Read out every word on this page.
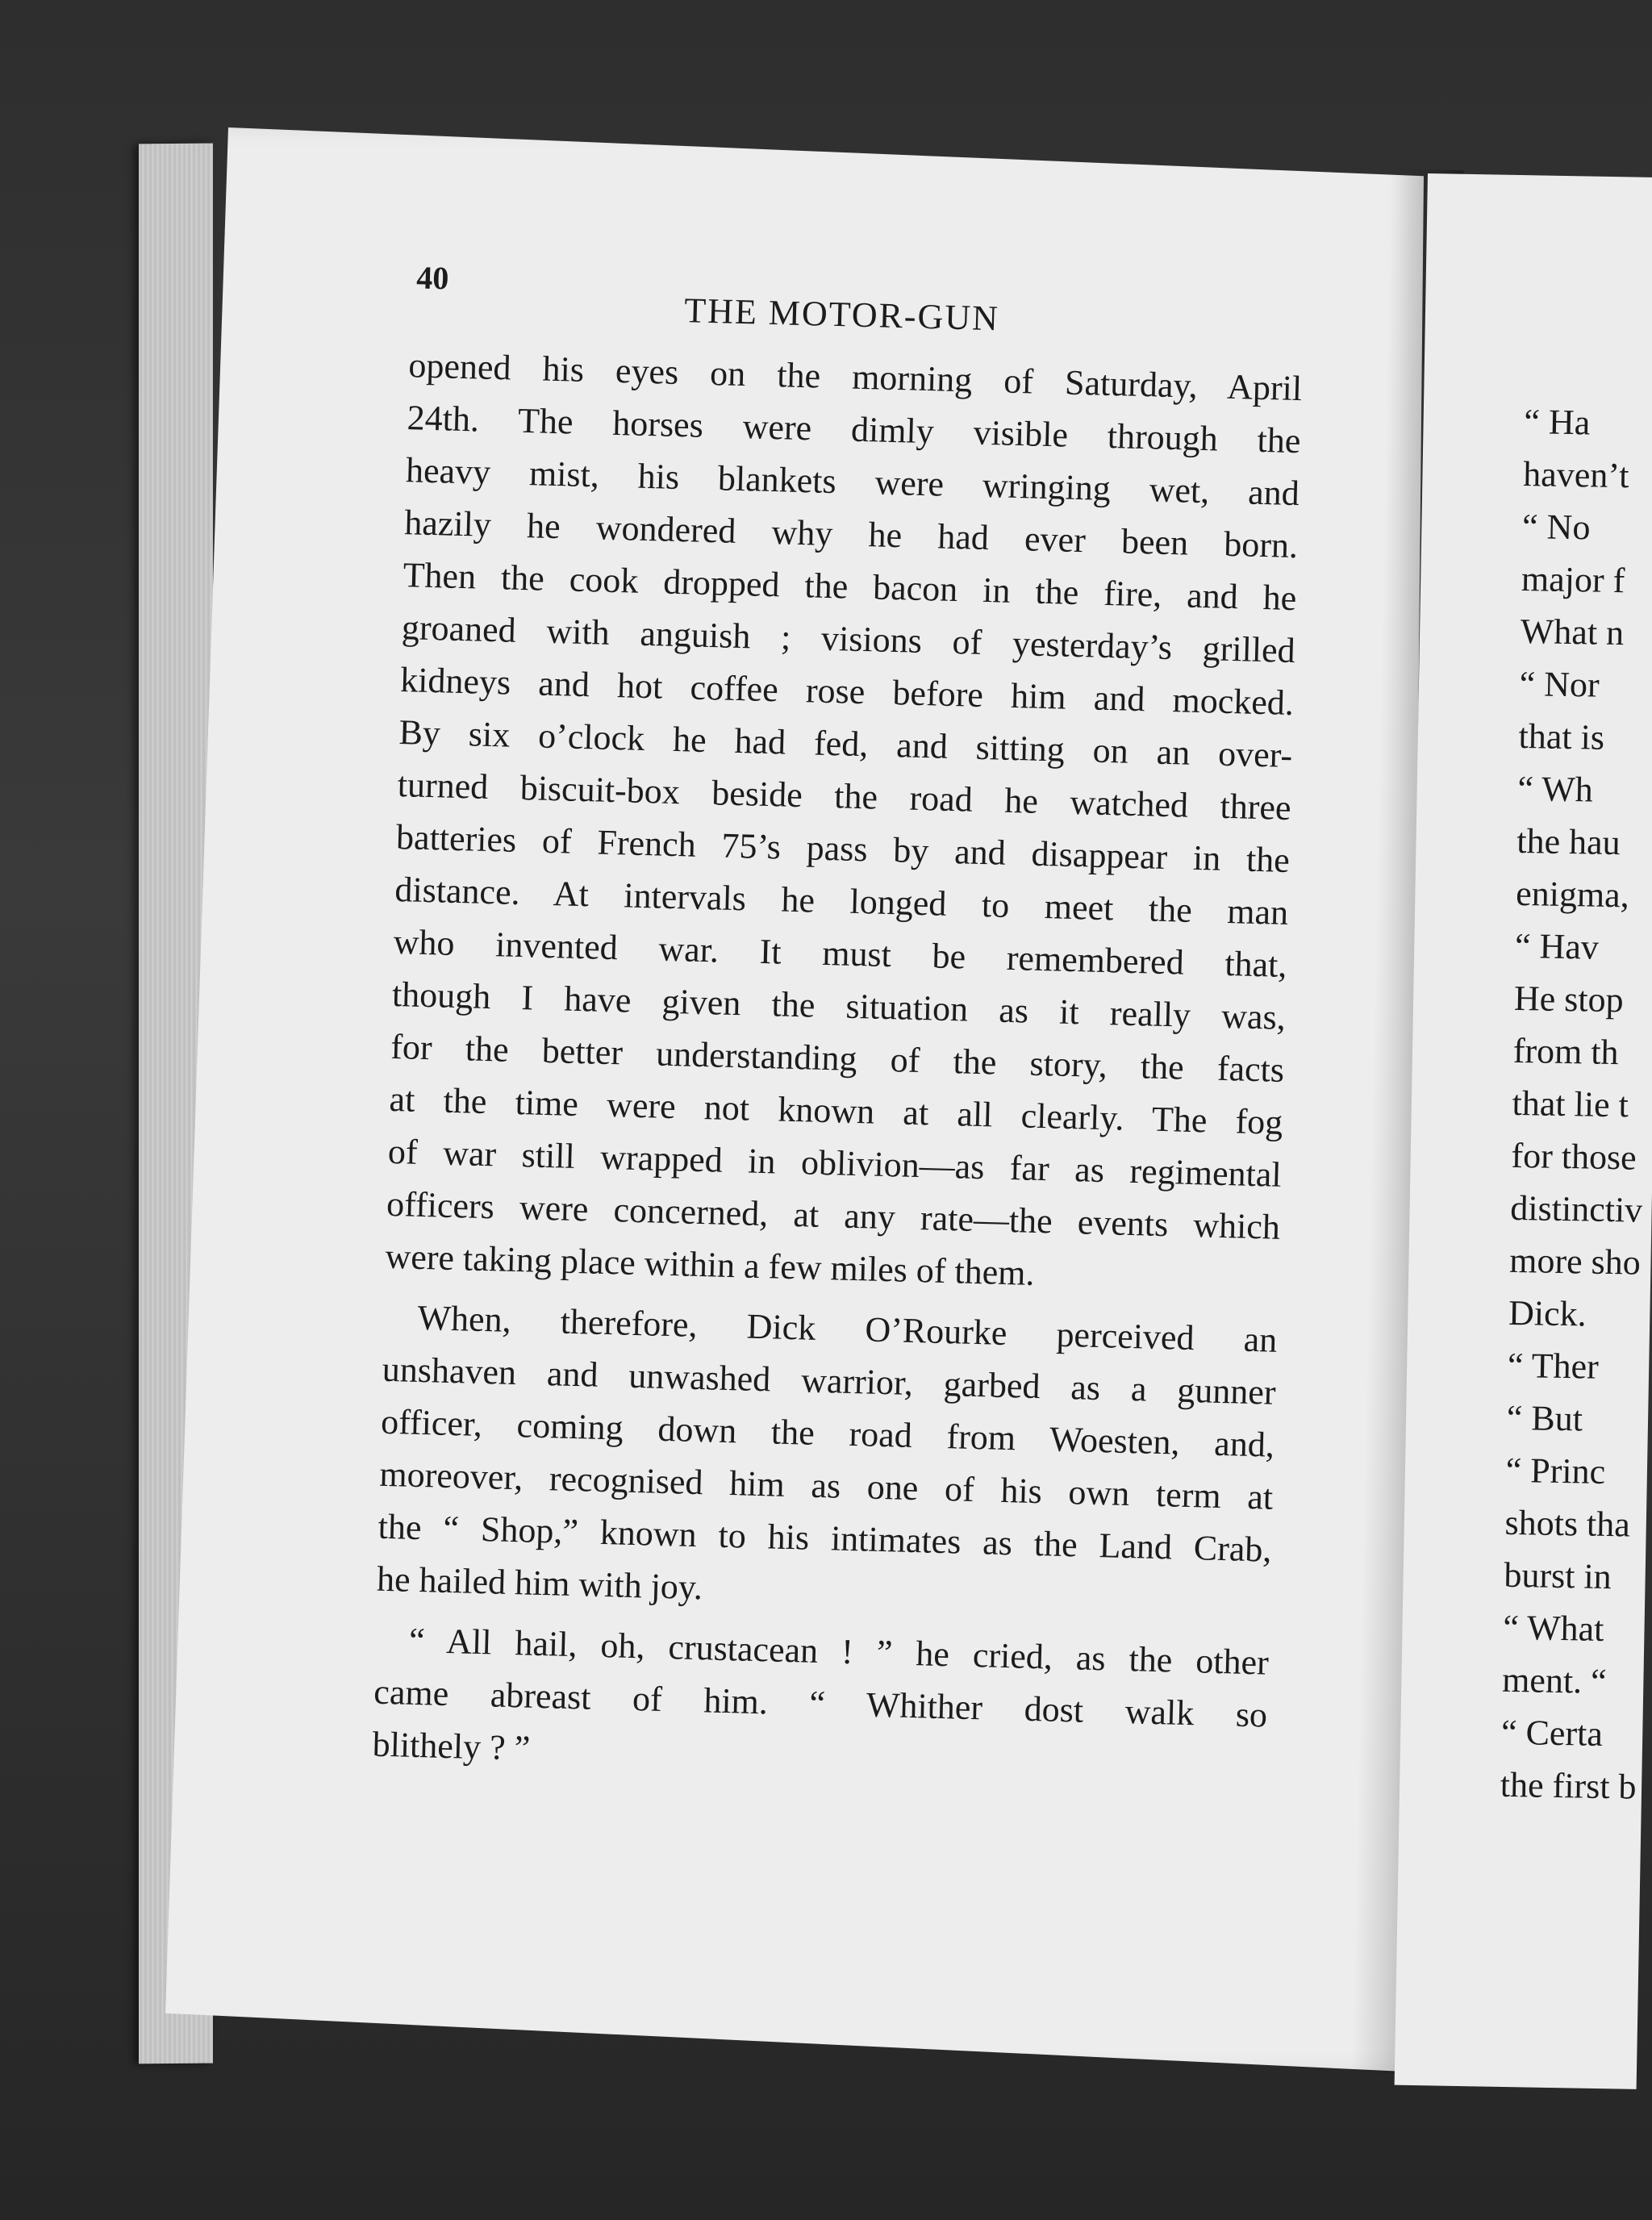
40
THE MOTOR-GUN
opened his eyes on the morning of Saturday, April
24th. The horses were dimly visible through the
heavy mist, his blankets were wringing wet, and
hazily he wondered why he had ever been born.
Then the cook dropped the bacon in the fire, and he
groaned with anguish ; visions of yesterday’s grilled
kidneys and hot coffee rose before him and mocked.
By six o’clock he had fed, and sitting on an over-
turned biscuit-box beside the road he watched three
batteries of French 75’s pass by and disappear in the
distance. At intervals he longed to meet the man
who invented war. It must be remembered that,
though I have given the situation as it really was,
for the better understanding of the story, the facts
at the time were not known at all clearly. The fog
of war still wrapped in oblivion—as far as regimental
officers were concerned, at any rate—the events which
were taking place within a few miles of them.
When, therefore, Dick O’Rourke perceived an
unshaven and unwashed warrior, garbed as a gunner
officer, coming down the road from Woesten, and,
moreover, recognised him as one of his own term at
the “ Shop,” known to his intimates as the Land Crab,
he hailed him with joy.
“ All hail, oh, crustacean ! ” he cried, as the other
came abreast of him. “ Whither dost walk so
blithely ? ”
“ Ha
haven’t
“ No
major f
What n
“ Nor
that is
“ Wh
the hau
enigma,
“ Hav
He stop
from th
that lie t
for those
distinctiv
more sho
Dick.
“ Ther
“ But
“ Princ
shots tha
burst in
“ What
ment. “
“ Certa
the first b
